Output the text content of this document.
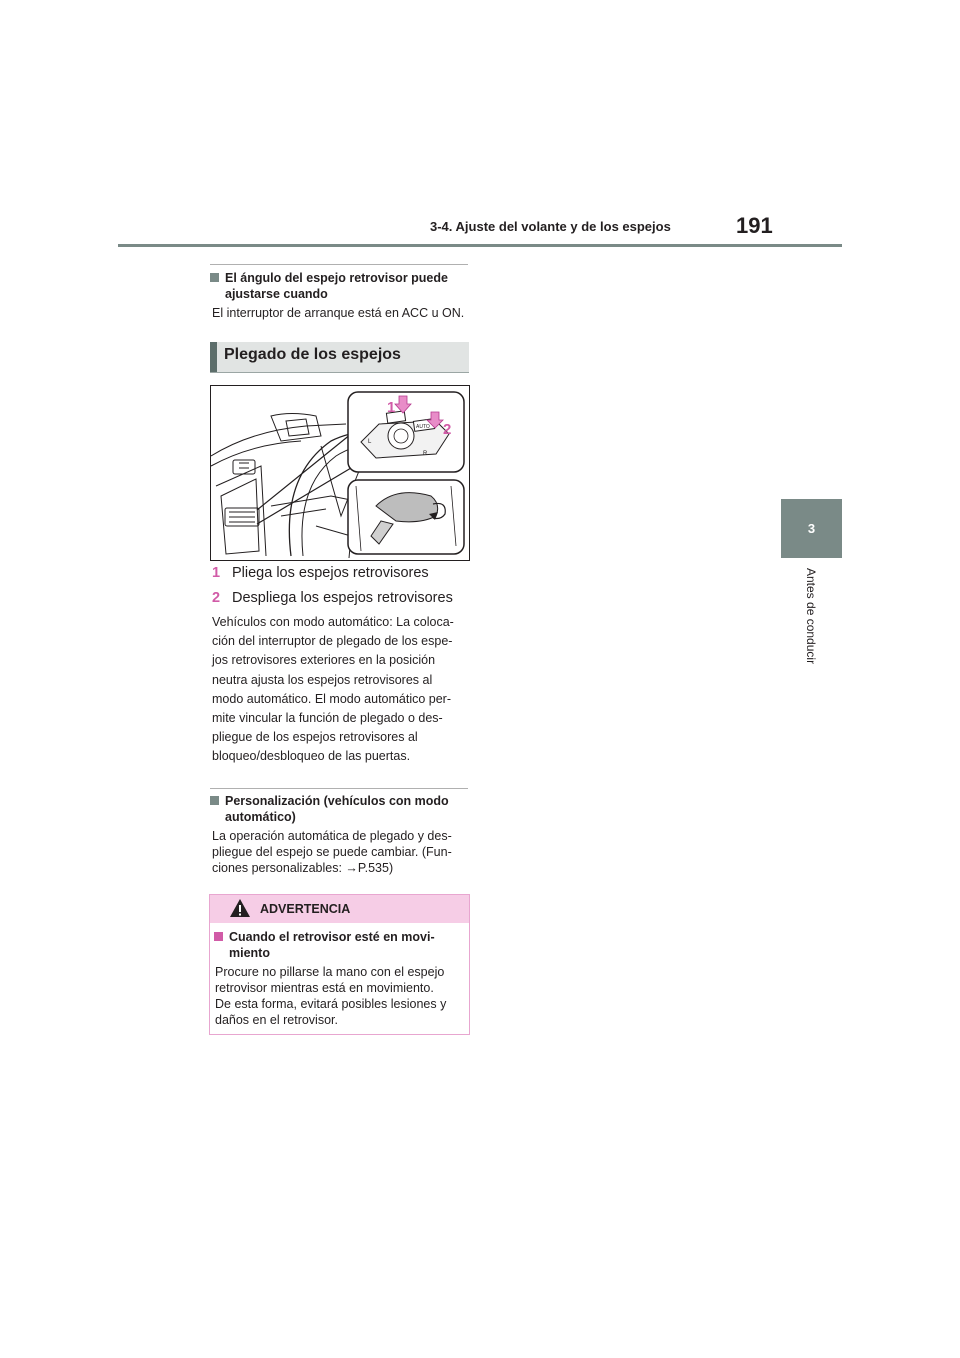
3-4. Ajuste del volante y de los espejos	191
3
Antes de conducir
El ángulo del espejo retrovisor puede
ajustarse cuando
El interruptor de arranque está en ACC u ON.
Plegado de los espejos
L
R
AUTO
1
2
1 Pliega los espejos retrovisores
2 Despliega los espejos retrovisores
Vehículos con modo automático: La coloca-
ción del interruptor de plegado de los espe-
jos retrovisores exteriores en la posición
neutra ajusta los espejos retrovisores al
modo automático. El modo automático per-
mite vincular la función de plegado o des-
pliegue de los espejos retrovisores al
bloqueo/desbloqueo de las puertas.
Personalización (vehículos con modo
automático)
La operación automática de plegado y des-
pliegue del espejo se puede cambiar. (Fun-
ciones personalizables: →P.535)
ADVERTENCIA
Cuando el retrovisor esté en movi-
miento
Procure no pillarse la mano con el espejo
retrovisor mientras está en movimiento.
De esta forma, evitará posibles lesiones y
daños en el retrovisor.
